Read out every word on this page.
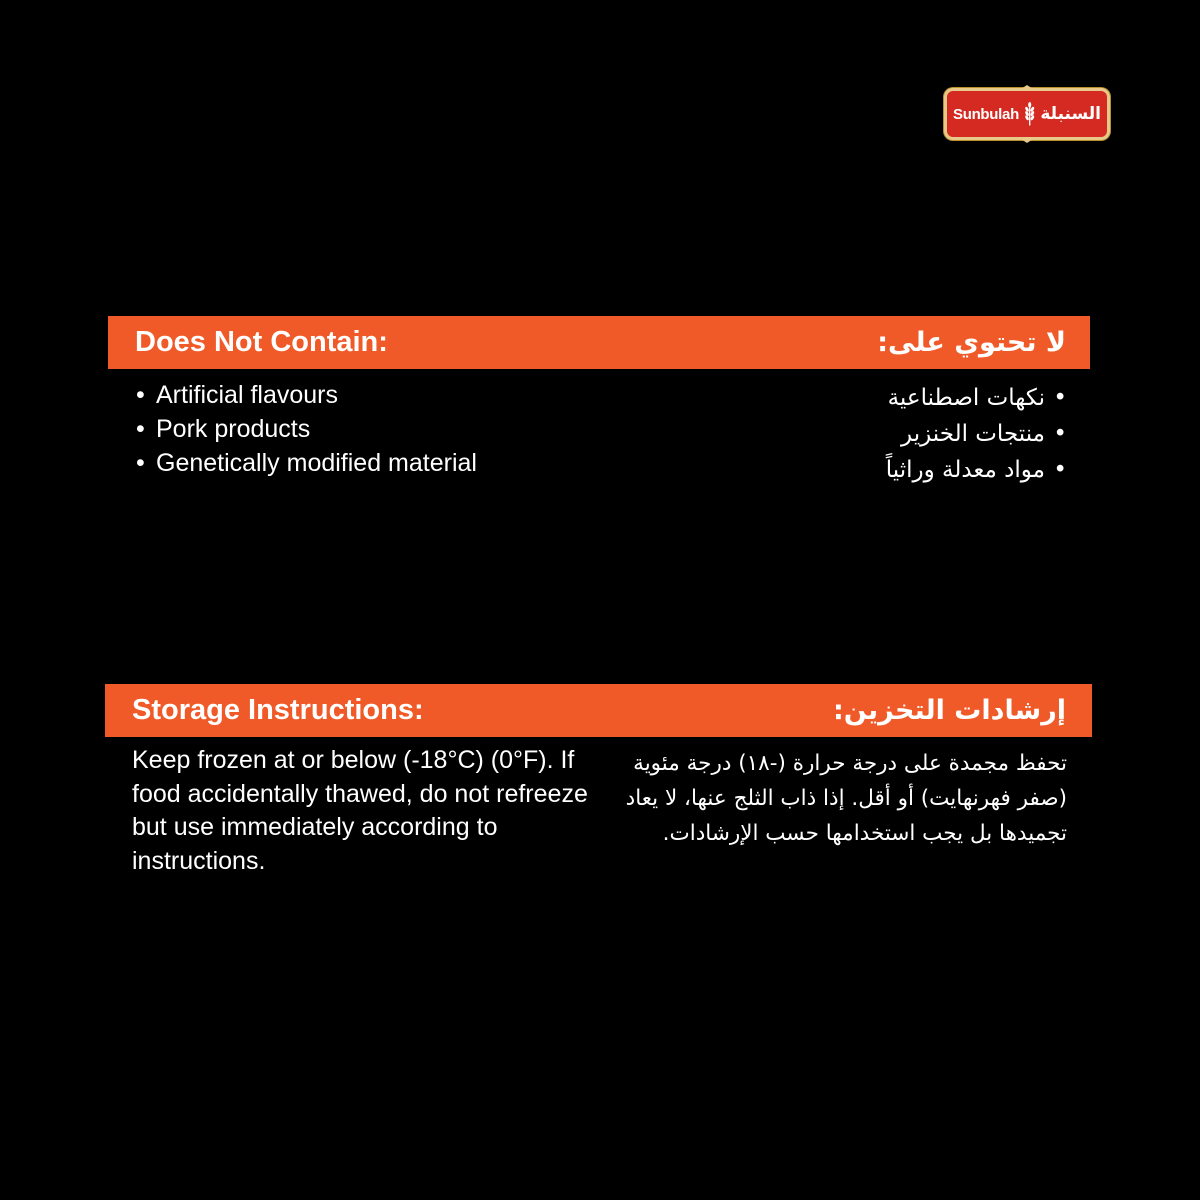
Sunbulah السنبلة
Does Not Contain:	لا تحتوي على:
• Artificial flavours
• Pork products
• Genetically modified material
• نكهات اصطناعية
• منتجات الخنزير
• مواد معدلة وراثياً
Storage Instructions:	إرشادات التخزين:

Keep frozen at or below (-18°C) (0°F). If food accidentally thawed, do not refreeze but use immediately according to instructions.

تحفظ مجمدة على درجة حرارة (-١٨) درجة مئوية (صفر فهرنهايت) أو أقل. إذا ذاب الثلج عنها، لا يعاد تجميدها بل يجب استخدامها حسب الإرشادات.
